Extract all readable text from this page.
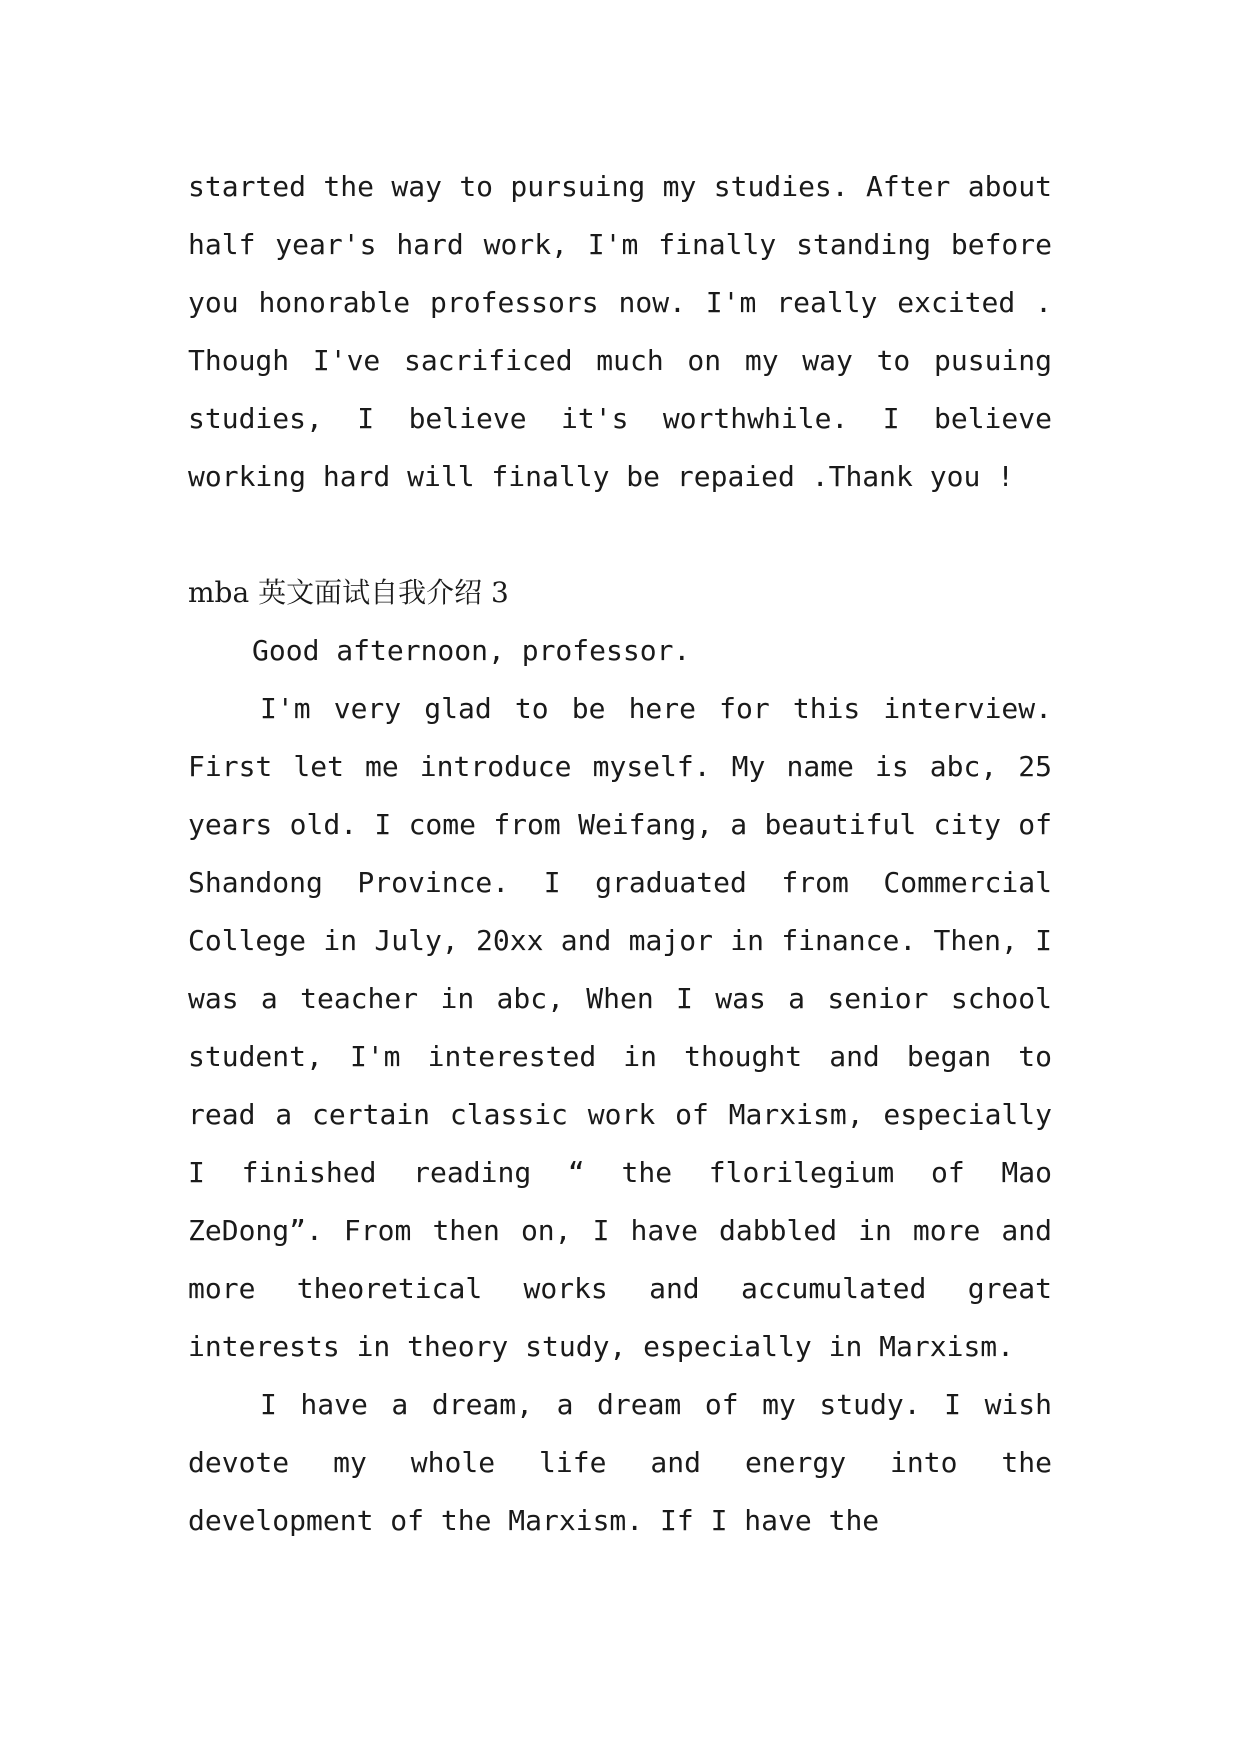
started the way to pursuing my studies. After about half year's hard work, I'm finally standing before you honorable professors now. I'm really excited . Though I've sacrificed much on my way to pusuing studies, I believe it's worthwhile. I believe working hard will finally be repaied .Thank you !

mba 英文面试自我介绍 3

Good afternoon, professor.

I'm very glad to be here for this interview. First let me introduce myself. My name is abc, 25 years old. I come from Weifang, a beautiful city of Shandong Province. I graduated from Commercial College in July, 20xx and major in finance. Then, I was a teacher in abc, When I was a senior school student, I'm interested in thought and began to read a certain classic work of Marxism, especially I finished reading “ the florilegium of Mao ZeDong”. From then on, I have dabbled in more and more theoretical works and accumulated great interests in theory study, especially in Marxism.

I have a dream, a dream of my study. I wish devote my whole life and energy into the development of the Marxism. If I have the
